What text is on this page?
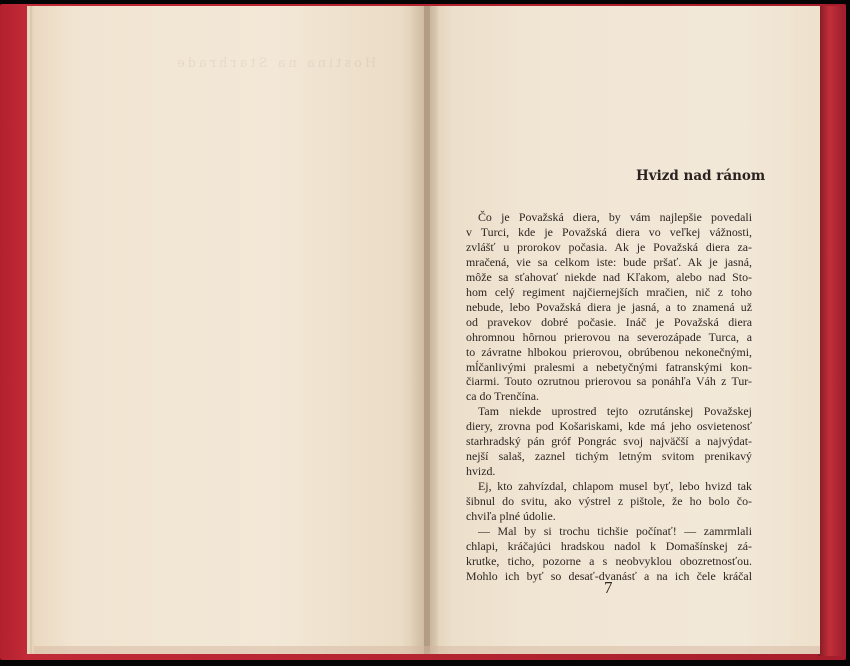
Hostina na Starhrade
Hvizd nad ránom
Čo je Považská diera, by vám najlepšie povedali
v Turci, kde je Považská diera vo veľkej vážnosti,
zvlášť u prorokov počasia. Ak je Považská diera za-
mračená, vie sa celkom iste: bude pršať. Ak je jasná,
môže sa sťahovať niekde nad Kľakom, alebo nad Sto-
hom celý regiment najčiernejších mračien, nič z toho
nebude, lebo Považská diera je jasná, a to znamená už
od pravekov dobré počasie. Ináč je Považská diera
ohromnou hôrnou prierovou na severozápade Turca, a
to závratne hlbokou prierovou, obrúbenou nekonečnými,
mĺčanlivými pralesmi a nebetyčnými fatranskými kon-
čiarmi. Touto ozrutnou prierovou sa ponáhľa Váh z Tur-
ca do Trenčína.
Tam niekde uprostred tejto ozrutánskej Považskej
diery, zrovna pod Košariskami, kde má jeho osvietenosť
starhradský pán gróf Pongrác svoj najväčší a najvýdat-
nejší salaš, zaznel tichým letným svitom prenikavý
hvizd.
Ej, kto zahvízdal, chlapom musel byť, lebo hvizd tak
šibnul do svitu, ako výstrel z pištole, že ho bolo čo-
chviľa plné údolie.
— Mal by si trochu tichšie počínať! — zamrmlali
chlapi, kráčajúci hradskou nadol k Domašínskej zá-
krutke, ticho, pozorne a s neobvyklou obozretnosťou.
Mohlo ich byť so desať-dvanásť a na ich čele kráčal
7
